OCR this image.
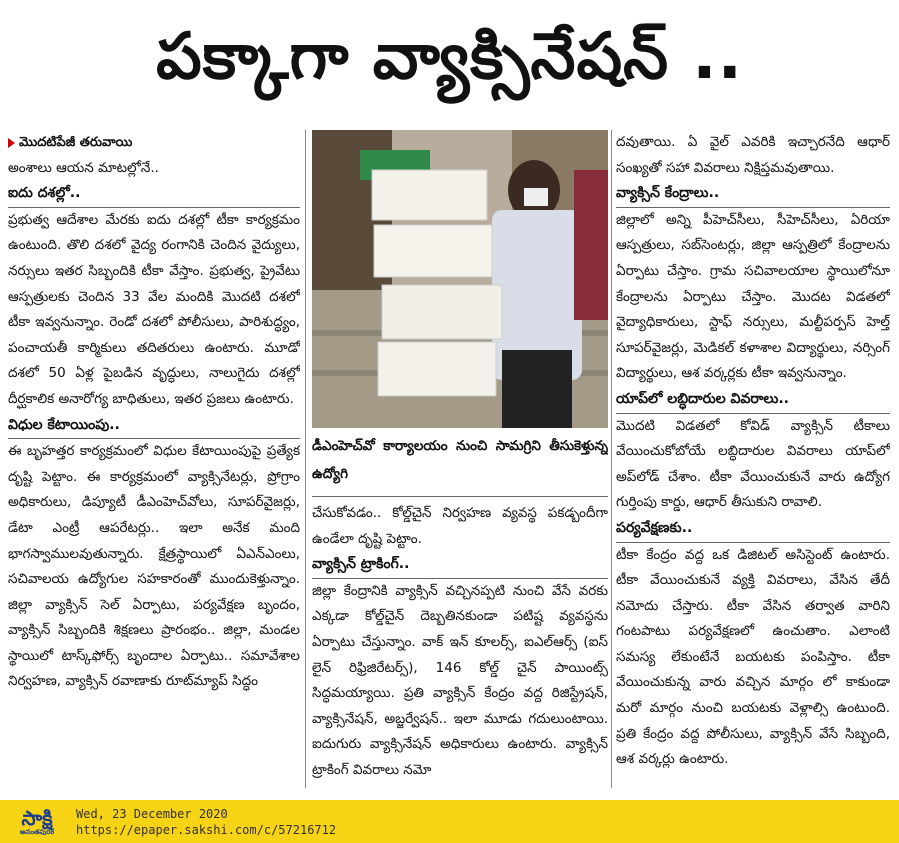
పక్కాగా వ్యాక్సినేషన్ ..
మొదటిపేజీ తరువాయి

అంశాలు ఆయన మాటల్లోనే..

ఐదు దశల్లో..

ప్రభుత్వ ఆదేశాల మేరకు ఐదు దశల్లో టీకా కార్యక్రమం ఉంటుంది. తొలి దశలో వైద్య రంగానికి చెందిన వైద్యులు, నర్సులు ఇతర సిబ్బందికి టీకా వేస్తాం. ప్రభుత్వ, ప్రైవేటు ఆస్పత్రులకు చెందిన 33 వేల మందికి మొదటి దశలో టీకా ఇవ్వనున్నాం. రెండో దశలో పోలీసులు, పారిశుద్ధ్యం, పంచాయతీ కార్మికులు తదితరులు ఉంటారు. మూడో దశలో 50 ఏళ్ల పైబడిన వృద్ధులు, నాలుగైదు దశల్లో దీర్ఘకాలిక అనారోగ్య బాధితులు, ఇతర ప్రజలు ఉంటారు.

విధుల కేటాయింపు..

ఈ బృహత్తర కార్యక్రమంలో విధుల కేటాయింపుపై ప్రత్యేక దృష్టి పెట్టాం. ఈ కార్యక్రమంలో వ్యాక్సినేటర్లు, ప్రోగ్రాం అధికారులు, డిప్యూటీ డీఎంహెచ్‌వోలు, సూపర్‌వైజర్లు, డేటా ఎంట్రీ ఆపరేటర్లు.. ఇలా అనేక మంది భాగస్వాములవుతున్నారు. క్షేత్రస్థాయిలో ఏఎన్‌ఎంలు, సచివాలయ ఉద్యోగుల సహకారంతో ముందుకెళ్తున్నాం. జిల్లా వ్యాక్సిన్ సెల్ ఏర్పాటు, పర్యవేక్షణ బృందం, వ్యాక్సిన్ సిబ్బందికి శిక్షణలు ప్రారంభం.. జిల్లా, మండల స్థాయిలో టాస్క్‌ఫోర్స్ బృందాల ఏర్పాటు.. సమావేశాల నిర్వహణ, వ్యాక్సిన్ రవాణాకు రూట్‌మ్యాప్ సిద్ధం

డీఎంహెచ్‌వో కార్యాలయం నుంచి సామగ్రిని తీసుకెళ్తున్న ఉద్యోగి

చేసుకోవడం.. కోల్డ్‌చైన్ నిర్వహణ వ్యవస్థ పకడ్బందీగా ఉండేలా దృష్టి పెట్టాం.

వ్యాక్సిన్ ట్రాకింగ్..

జిల్లా కేంద్రానికి వ్యాక్సిన్ వచ్చినప్పటి నుంచి వేసే వరకు ఎక్కడా కోల్డ్‌చైన్ దెబ్బతినకుండా పటిష్ట వ్యవస్థను ఏర్పాటు చేస్తున్నాం. వాక్ ఇన్ కూలర్స్, ఐఎల్‌ఆర్స్ (ఐస్ లైన్ రిఫ్రిజిరేటర్స్), 146 కోల్డ్ చైన్ పాయింట్స్ సిద్ధమయ్యాయి. ప్రతి వ్యాక్సిన్ కేంద్రం వద్ద రిజిస్ట్రేషన్, వ్యాక్సినేషన్, అబ్జర్వేషన్.. ఇలా మూడు గదులుంటాయి. ఐదుగురు వ్యాక్సినేషన్ అధికారులు ఉంటారు. వ్యాక్సిన్ ట్రాకింగ్ వివరాలు నమో

దవుతాయి. ఏ వైల్ ఎవరికి ఇచ్చారనేది ఆధార్ సంఖ్యతో సహా వివరాలు నిక్షిప్తమవుతాయి.

వ్యాక్సిన్ కేంద్రాలు..

జిల్లాలో అన్ని పీహెచ్‌సీలు, సీహెచ్‌సీలు, ఏరియా ఆస్పత్రులు, సబ్‌సెంటర్లు, జిల్లా ఆస్పత్రిలో కేంద్రాలను ఏర్పాటు చేస్తాం. గ్రామ సచివాలయాల స్థాయిలోనూ కేంద్రాలను ఏర్పాటు చేస్తాం. మొదట విడతలో వైద్యాధికారులు, స్టాఫ్ నర్సులు, మల్టీపర్పస్ హెల్త్ సూపర్‌వైజర్లు, మెడికల్ కళాశాల విద్యార్థులు, నర్సింగ్ విద్యార్థులు, ఆశ వర్కర్లకు టీకా ఇవ్వనున్నాం.

యాప్‌లో లబ్ధిదారుల వివరాలు..

మొదటి విడతలో కోవిడ్ వ్యాక్సిన్ టీకాలు వేయించుకోబోయే లబ్ధిదారుల వివరాలు యాప్‌లో అప్‌లోడ్ చేశాం. టీకా వేయించుకునే వారు ఉద్యోగ గుర్తింపు కార్డు, ఆధార్ తీసుకుని రావాలి.

పర్యవేక్షణకు..

టీకా కేంద్రం వద్ద ఒక డిజిటల్ అసిస్టెంట్ ఉంటారు. టీకా వేయించుకునే వ్యక్తి వివరాలు, వేసిన తేదీ నమోదు చేస్తారు. టీకా వేసిన తర్వాత వారిని గంటపాటు పర్యవేక్షణలో ఉంచుతాం. ఎలాంటి సమస్య లేకుంటేనే బయటకు పంపిస్తాం. టీకా వేయించుకున్న వారు వచ్చిన మార్గం లో కాకుండా మరో మార్గం నుంచి బయటకు వెళ్లాల్సి ఉంటుంది. ప్రతి కేంద్రం వద్ద పోలీసులు, వ్యాక్సిన్ వేసే సిబ్బంది, ఆశ వర్కర్లు ఉంటారు.

సాక్షి
అనంతపురం
Wed, 23 December 2020
https://epaper.sakshi.com/c/57216712
